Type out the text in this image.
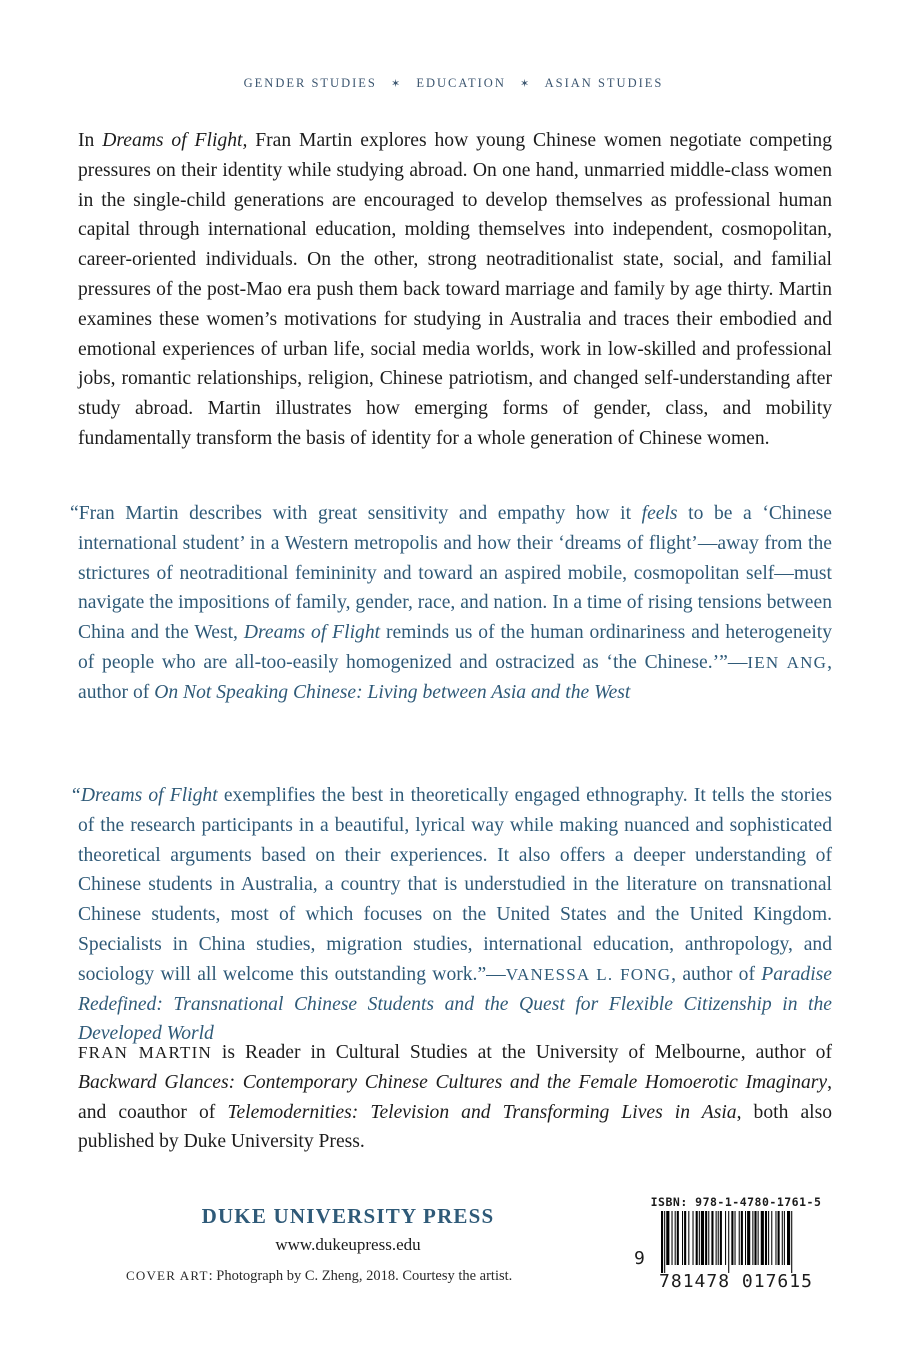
GENDER STUDIES ✶ EDUCATION ✶ ASIAN STUDIES

In Dreams of Flight, Fran Martin explores how young Chinese women negotiate competing pressures on their identity while studying abroad. On one hand, unmarried middle-class women in the single-child generations are encouraged to develop themselves as professional human capital through international education, molding themselves into independent, cosmopolitan, career-oriented individuals. On the other, strong neotraditionalist state, social, and familial pressures of the post-Mao era push them back toward marriage and family by age thirty. Martin examines these women’s motivations for studying in Australia and traces their embodied and emotional experiences of urban life, social media worlds, work in low-skilled and professional jobs, romantic relationships, religion, Chinese patriotism, and changed self-understanding after study abroad. Martin illustrates how emerging forms of gender, class, and mobility fundamentally transform the basis of identity for a whole generation of Chinese women.

“Fran Martin describes with great sensitivity and empathy how it feels to be a ‘Chinese international student’ in a Western metropolis and how their ‘dreams of flight’—away from the strictures of neotraditional femininity and toward an aspired mobile, cosmopolitan self—must navigate the impositions of family, gender, race, and nation. In a time of rising tensions between China and the West, Dreams of Flight reminds us of the human ordinariness and heterogeneity of people who are all-too-easily homogenized and ostracized as ‘the Chinese.’”—IEN ANG, author of On Not Speaking Chinese: Living between Asia and the West

“Dreams of Flight exemplifies the best in theoretically engaged ethnography. It tells the stories of the research participants in a beautiful, lyrical way while making nuanced and sophisticated theoretical arguments based on their experiences. It also offers a deeper understanding of Chinese students in Australia, a country that is understudied in the literature on transnational Chinese students, most of which focuses on the United States and the United Kingdom. Specialists in China studies, migration studies, international education, anthropology, and sociology will all welcome this outstanding work.”—VANESSA L. FONG, author of Paradise Redefined: Transnational Chinese Students and the Quest for Flexible Citizenship in the Developed World

FRAN MARTIN is Reader in Cultural Studies at the University of Melbourne, author of Backward Glances: Contemporary Chinese Cultures and the Female Homoerotic Imaginary, and coauthor of Telemodernities: Television and Transforming Lives in Asia, both also published by Duke University Press.

DUKE UNIVERSITY PRESS
www.dukeupress.edu
COVER ART: Photograph by C. Zheng, 2018. Courtesy the artist.
ISBN: 978-1-4780-1761-5
9
781478 017615
